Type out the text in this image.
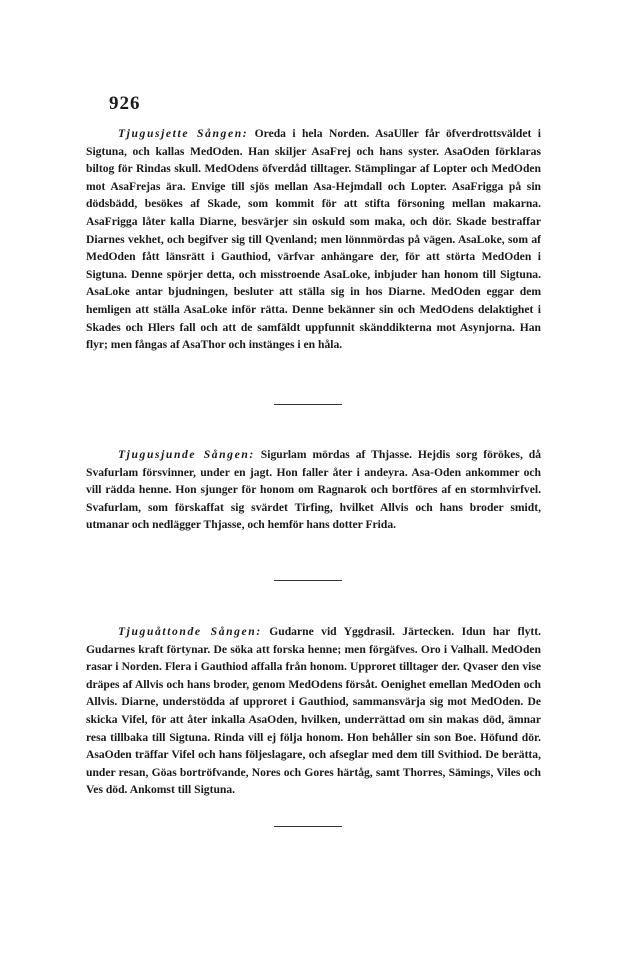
926
Tjugusjette Sången: Oreda i hela Norden. AsaUller får öfverdrottsväldet i Sigtuna, och kallas MedOden. Han skiljer AsaFrej och hans syster. AsaOden förklaras biltog för Rindas skull. MedOdens öfverdåd tilltager. Stämplingar af Lopter och MedOden mot AsaFrejas ära. Envige till sjös mellan Asa-Hejmdall och Lopter. AsaFrigga på sin dödsbädd, besökes af Skade, som kommit för att stifta försoning mellan makarna. AsaFrigga låter kalla Diarne, besvärjer sin oskuld som maka, och dör. Skade bestraffar Diarnes vekhet, och begifver sig till Qvenland; men lönnmördas på vägen. AsaLoke, som af MedOden fått länsrätt i Gauthiod, värfvar anhängare der, för att störta MedOden i Sigtuna. Denne spörjer detta, och misstroende AsaLoke, inbjuder han honom till Sigtuna. AsaLoke antar bjudningen, besluter att ställa sig in hos Diarne. MedOden eggar dem hemligen att ställa AsaLoke inför rätta. Denne bekänner sin och MedOdens delaktighet i Skades och Hlers fall och att de samfäldt uppfunnit skänddikterna mot Asynjorna. Han flyr; men fångas af AsaThor och instänges i en håla.
Tjugusjunde Sången: Sigurlam mördas af Thjasse. Hejdis sorg förökes, då Svafurlam försvinner, under en jagt. Hon faller åter i andeyra. Asa-Oden ankommer och vill rädda henne. Hon sjunger för honom om Ragnarok och bortföres af en stormhvirfvel. Svafurlam, som förskaffat sig svärdet Tirfing, hvilket Allvis och hans broder smidt, utmanar och nedlägger Thjasse, och hemför hans dotter Frida.
Tjuguåttonde Sången: Gudarne vid Yggdrasil. Järtecken. Idun har flytt. Gudarnes kraft förtynar. De söka att forska henne; men förgäfves. Oro i Valhall. MedOden rasar i Norden. Flera i Gauthiod affalla från honom. Upproret tilltager der. Qvaser den vise dräpes af Allvis och hans broder, genom MedOdens försåt. Oenighet emellan MedOden och Allvis. Diarne, understödda af upproret i Gauthiod, sammansvärja sig mot MedOden. De skicka Vifel, för att åter inkalla AsaOden, hvilken, underrättad om sin makas död, ämnar resa tillbaka till Sigtuna. Rinda vill ej följa honom. Hon behåller sin son Boe. Höfund dör. AsaOden träffar Vifel och hans följeslagare, och afseglar med dem till Svithiod. De berätta, under resan, Göas bortröfvande, Nores och Gores härtåg, samt Thorres, Sämings, Viles och Ves död. Ankomst till Sigtuna.
